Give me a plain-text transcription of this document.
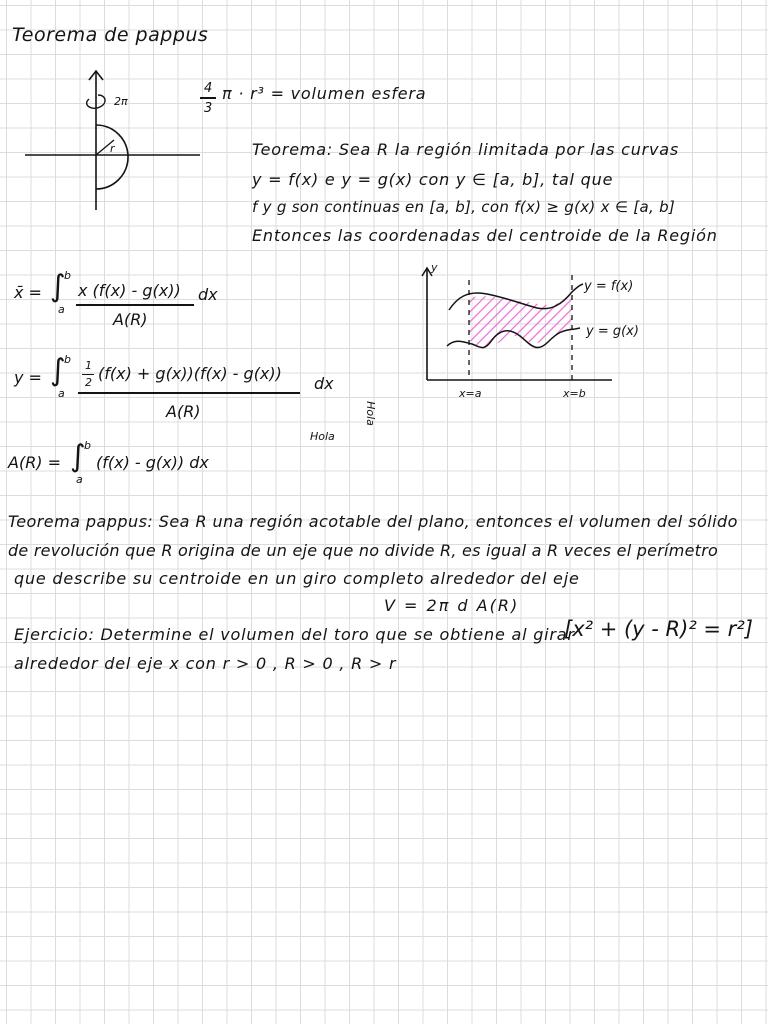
Teorema de pappus
2π
r
4
3
π · r³ = volumen esfera
Teorema: Sea R la región limitada por las curvas
y = f(x) e y = g(x) con y ∈ [a, b], tal que
f y g son continuas en [a, b], con f(x) ≥ g(x) x ∈ [a, b]
Entonces las coordenadas del centroide de la Región
x̄ = ∫
b
a
x (f(x) - g(x))
A(R)
dx
y = ∫
b
a
1
2 (f(x) + g(x))(f(x) - g(x))
A(R)
dx
A(R) = ∫
b
a
(f(x) - g(x)) dx
Hola
Hola
y
y = f(x)
y = g(x)
x=a	x=b
Teorema pappus: Sea R una región acotable del plano, entonces el volumen del sólido
de revolución que R origina de un eje que no divide R, es igual a R veces el perímetro
que describe su centroide en un giro completo alrededor del eje
V = 2π d A(R)
Ejercicio: Determine el volumen del toro que se obtiene al girar
[x² + (y - R)² = r²]
alrededor del eje x con r > 0 , R > 0 , R > r
